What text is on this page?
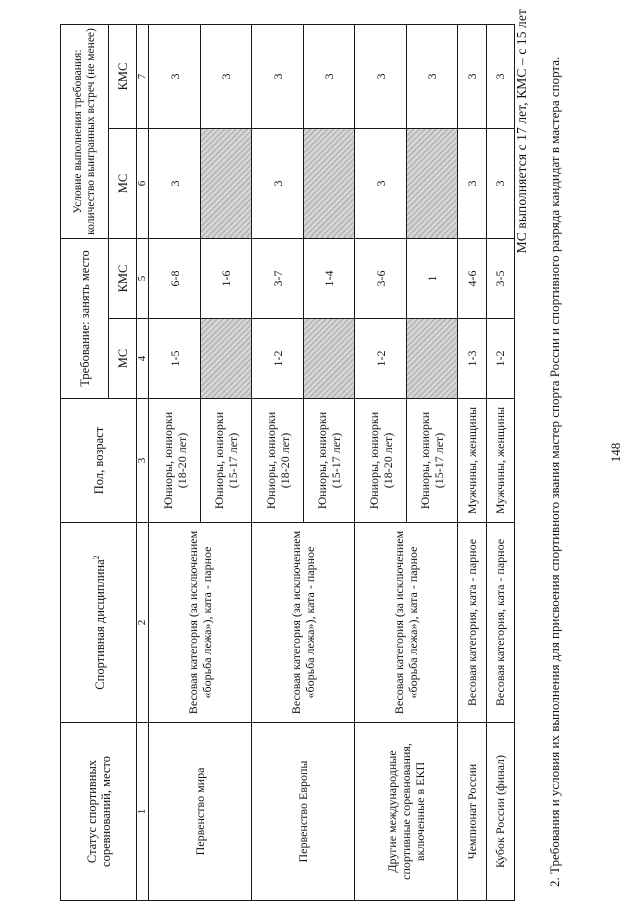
148
2. Требования и условия их выполнения для присвоения спортивного звания мастер спорта России и спортивного разряда кандидат в мастера спорта.
МС выполняется с 17 лет, КМС – с 15 лет
Статус спортивных соревнований, место	Спортивная дисциплина$^2$	Пол, возраст	Требование: занять место		Условие выполнения требования: количество выигранных встреч (не менее)	
			МС	КМС	МС	КМС
1	2	3	4	5	6	7
Первенство мира	Весовая категория (за исключением «борьба лежа»), ката - парное	Юниоры, юниорки (18-20 лет)	1-5	6-8	3	3
		Юниоры, юниорки (15-17 лет)		1-6		3
Первенство Европы	Весовая категория (за исключением «борьба лежа»), ката - парное	Юниоры, юниорки (18-20 лет)	1-2	3-7	3	3
		Юниоры, юниорки (15-17 лет)		1-4		3
Другие международные спортивные соревнования, включенные в ЕКП	Весовая категория (за исключением «борьба лежа»), ката - парное	Юниоры, юниорки (18-20 лет)	1-2	3-6	3	3
		Юниоры, юниорки (15-17 лет)		1		3
Чемпионат России	Весовая категория, ката - парное	Мужчины, женщины	1-3	4-6	3	3
Кубок России (финал)	Весовая категория, ката - парное	Мужчины, женщины	1-2	3-5	3	3
